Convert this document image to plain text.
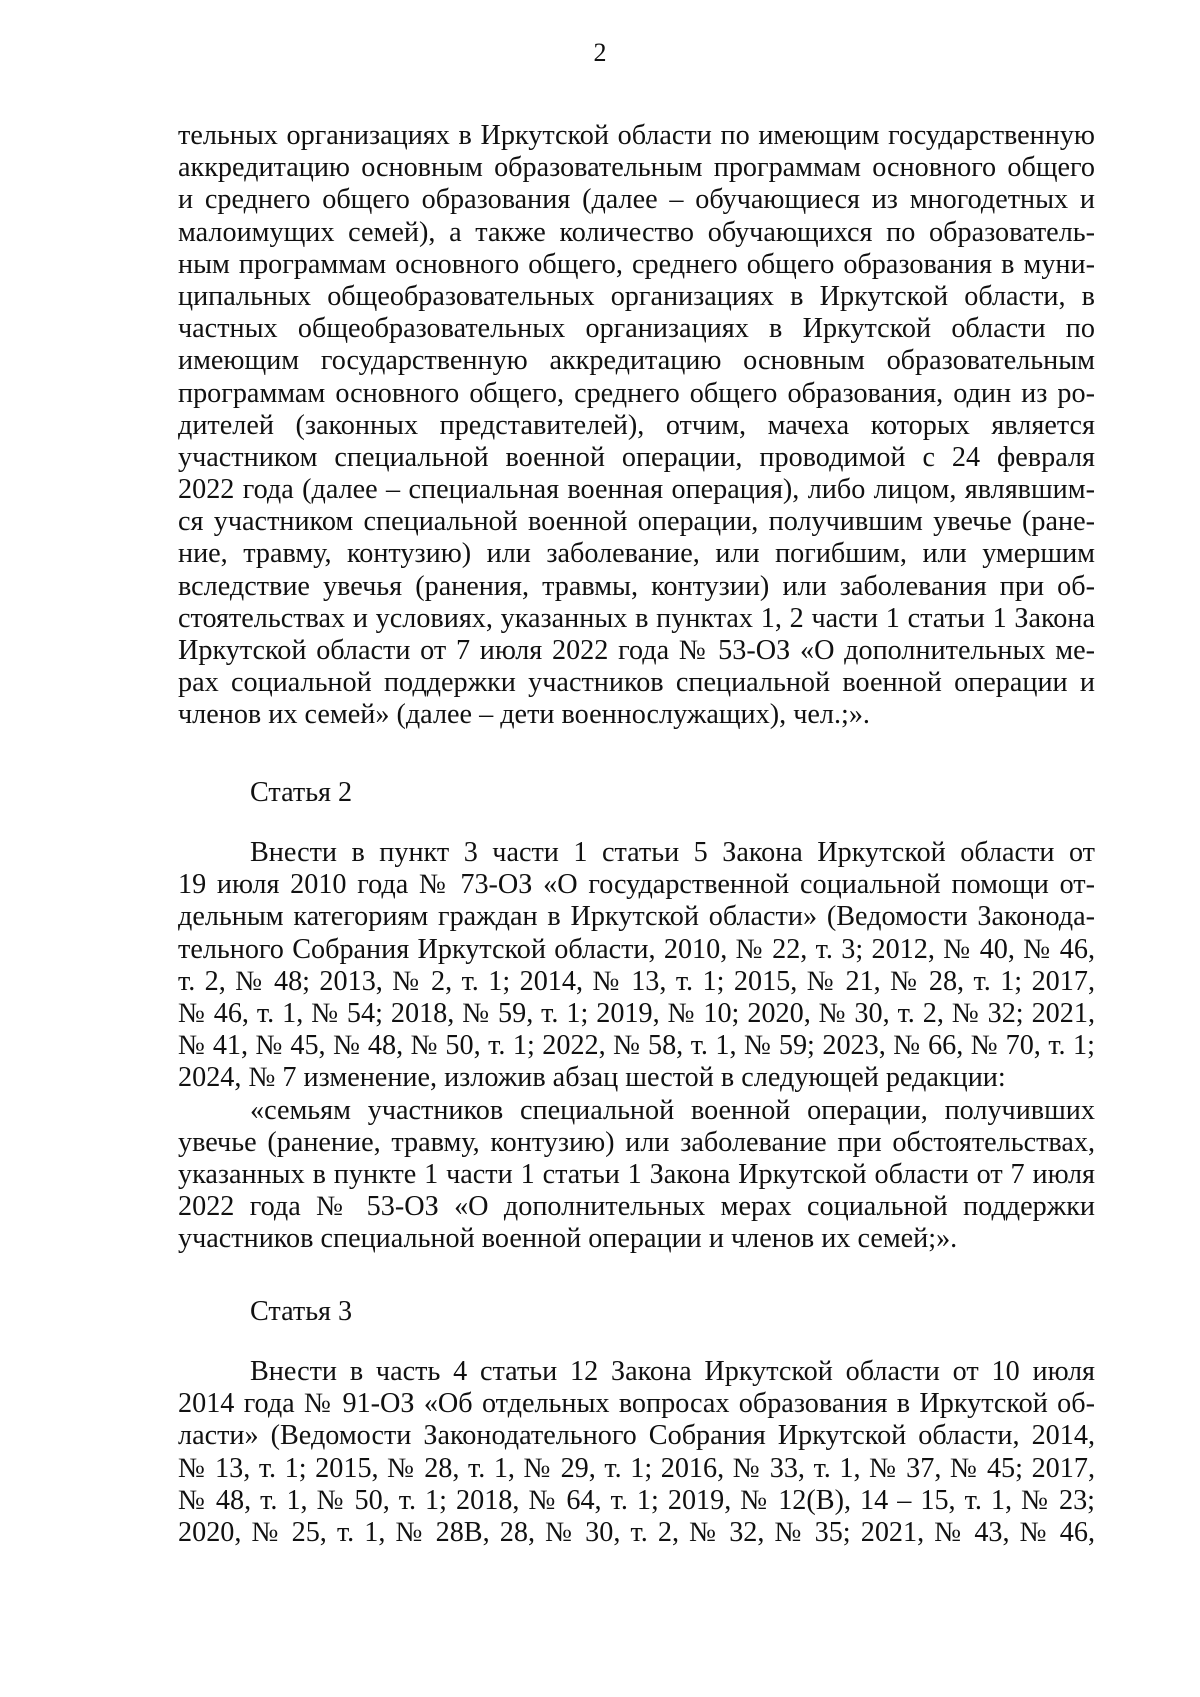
2
тельных организациях в Иркутской области по имеющим государственную
аккредитацию основным образовательным программам основного общего
и среднего общего образования (далее – обучающиеся из многодетных и
малоимущих семей), а также количество обучающихся по образователь-
ным программам основного общего, среднего общего образования в муни-
ципальных общеобразовательных организациях в Иркутской области, в
частных общеобразовательных организациях в Иркутской области по
имеющим государственную аккредитацию основным образовательным
программам основного общего, среднего общего образования, один из ро-
дителей (законных представителей), отчим, мачеха которых является
участником специальной военной операции, проводимой с 24 февраля
2022 года (далее – специальная военная операция), либо лицом, являвшим-
ся участником специальной военной операции, получившим увечье (ране-
ние, травму, контузию) или заболевание, или погибшим, или умершим
вследствие увечья (ранения, травмы, контузии) или заболевания при об-
стоятельствах и условиях, указанных в пунктах 1, 2 части 1 статьи 1 Закона
Иркутской области от 7 июля 2022 года № 53-ОЗ «О дополнительных ме-
рах социальной поддержки участников специальной военной операции и
членов их семей» (далее – дети военнослужащих), чел.;».
Статья 2
Внести в пункт 3 части 1 статьи 5 Закона Иркутской области от
19 июля 2010 года № 73-ОЗ «О государственной социальной помощи от-
дельным категориям граждан в Иркутской области» (Ведомости Законода-
тельного Собрания Иркутской области, 2010, № 22, т. 3; 2012, № 40, № 46,
т. 2, № 48; 2013, № 2, т. 1; 2014, № 13, т. 1; 2015, № 21, № 28, т. 1; 2017,
№ 46, т. 1, № 54; 2018, № 59, т. 1; 2019, № 10; 2020, № 30, т. 2, № 32; 2021,
№ 41, № 45, № 48, № 50, т. 1; 2022, № 58, т. 1, № 59; 2023, № 66, № 70, т. 1;
2024, № 7 изменение, изложив абзац шестой в следующей редакции:
«семьям участников специальной военной операции, получивших
увечье (ранение, травму, контузию) или заболевание при обстоятельствах,
указанных в пункте 1 части 1 статьи 1 Закона Иркутской области от 7 июля
2022 года № 53-ОЗ «О дополнительных мерах социальной поддержки
участников специальной военной операции и членов их семей;».
Статья 3
Внести в часть 4 статьи 12 Закона Иркутской области от 10 июля
2014 года № 91-ОЗ «Об отдельных вопросах образования в Иркутской об-
ласти» (Ведомости Законодательного Собрания Иркутской области, 2014,
№ 13, т. 1; 2015, № 28, т. 1, № 29, т. 1; 2016, № 33, т. 1, № 37, № 45; 2017,
№ 48, т. 1, № 50, т. 1; 2018, № 64, т. 1; 2019, № 12(В), 14 – 15, т. 1, № 23;
2020, № 25, т. 1, № 28В, 28, № 30, т. 2, № 32, № 35; 2021, № 43, № 46,
